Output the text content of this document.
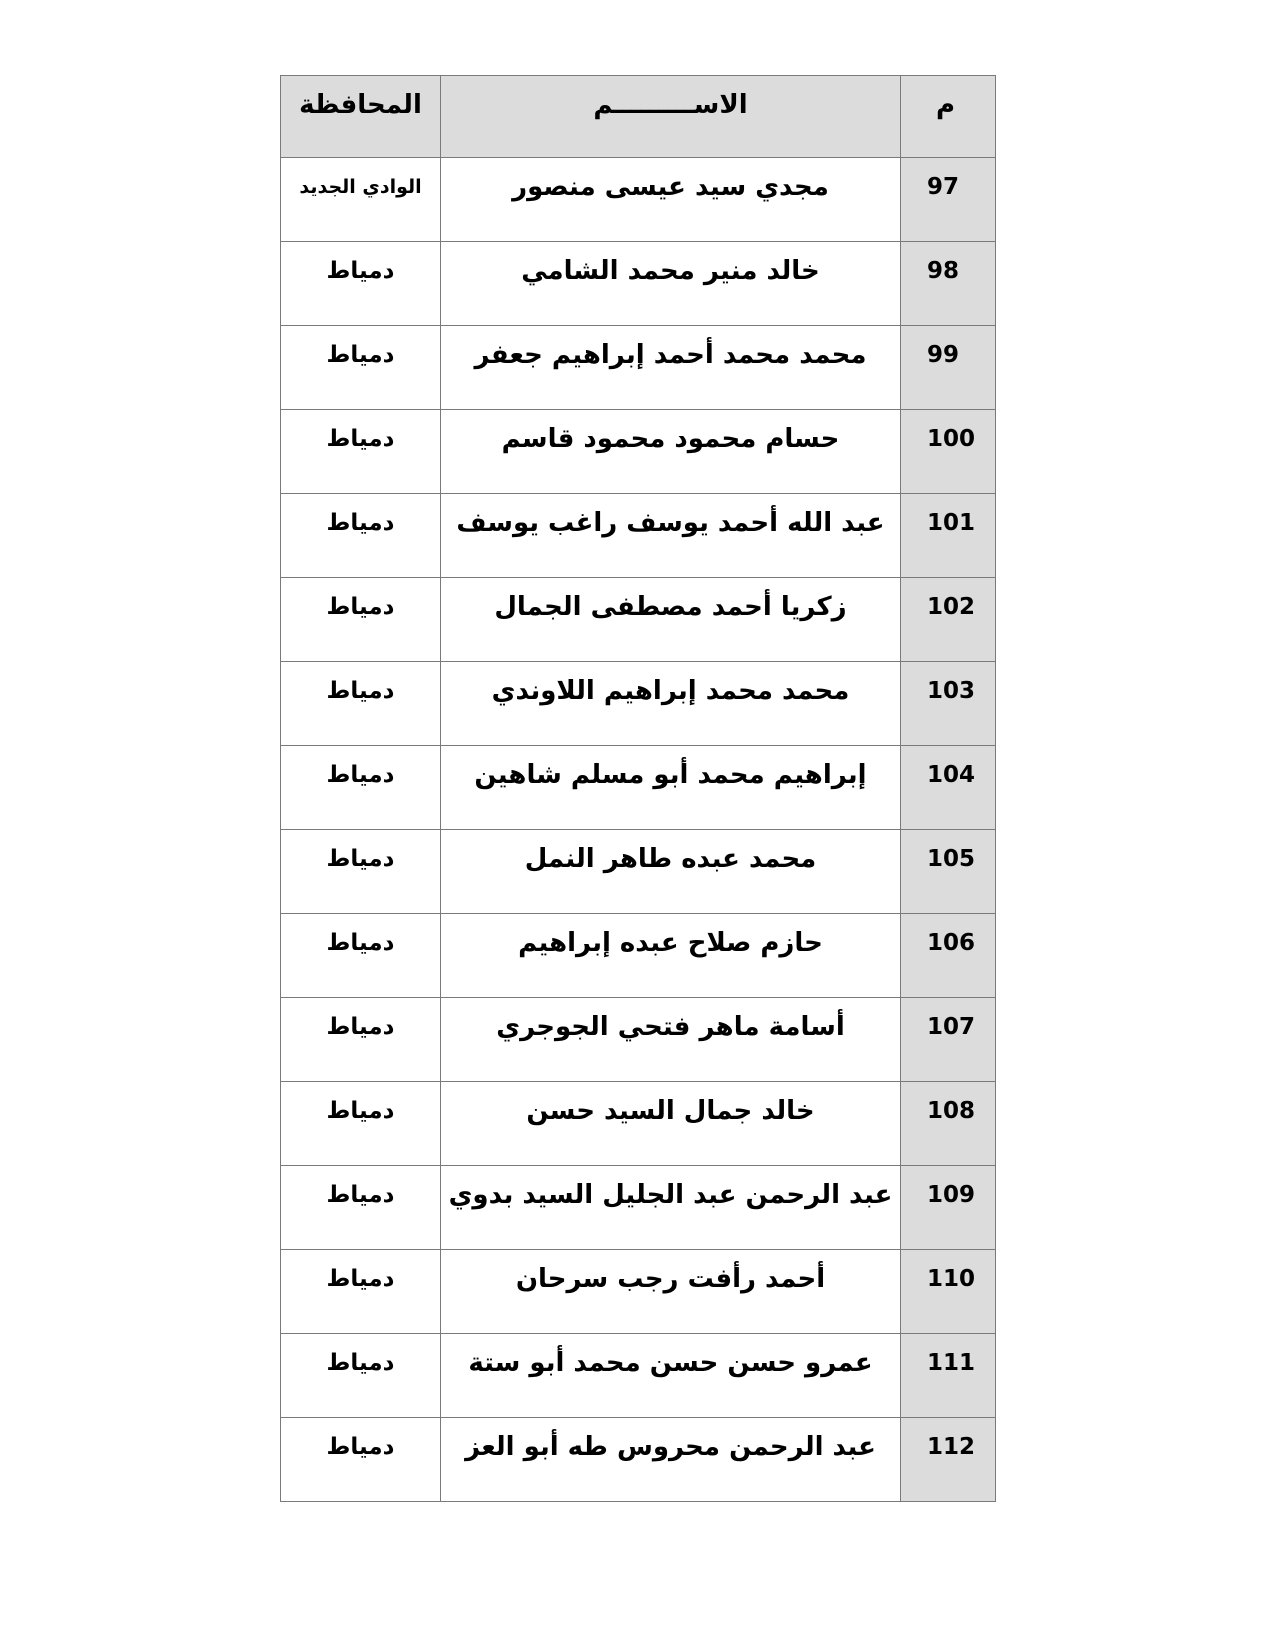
م	الاســـــــــم	المحافظة

97	مجدي سيد عيسى منصور	الوادي الجديد

98	خالد منير محمد الشامي	دمياط

99	محمد محمد أحمد إبراهيم جعفر	دمياط

100	حسام محمود محمود قاسم	دمياط

101	عبد الله أحمد يوسف راغب يوسف	دمياط

102	زكريا أحمد مصطفى الجمال	دمياط

103	محمد محمد إبراهيم اللاوندي	دمياط

104	إبراهيم محمد أبو مسلم شاهين	دمياط

105	محمد عبده طاهر النمل	دمياط

106	حازم صلاح عبده إبراهيم	دمياط

107	أسامة ماهر فتحي الجوجري	دمياط

108	خالد جمال السيد حسن	دمياط

109	عبد الرحمن عبد الجليل السيد بدوي	دمياط

110	أحمد رأفت رجب سرحان	دمياط

111	عمرو حسن حسن محمد أبو ستة	دمياط

112	عبد الرحمن محروس طه أبو العز	دمياط
